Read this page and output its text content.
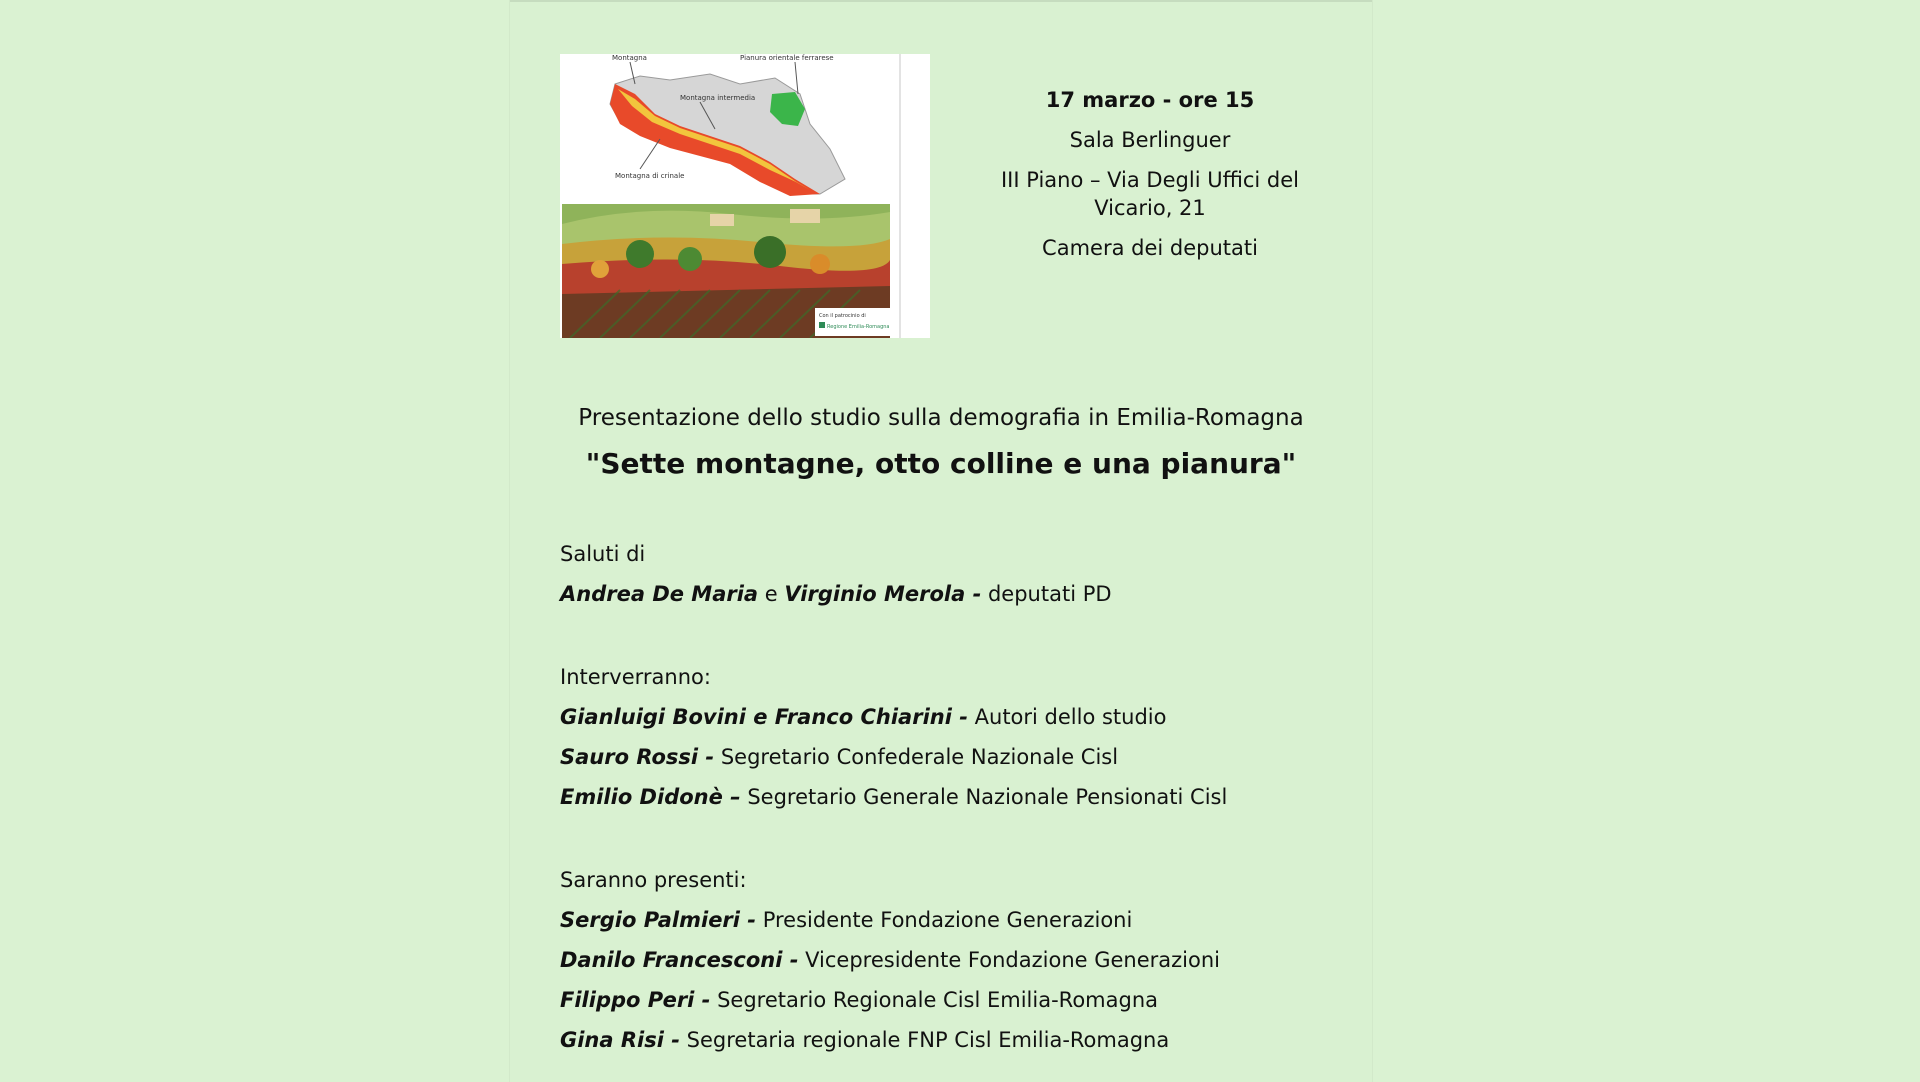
Montagna	Pianura orientale ferrarese
Montagna intermedia
Montagna di crinale
Con il patrocinio di
Regione Emilia-Romagna

17 marzo - ore 15

Sala Berlinguer

III Piano – Via Degli Uffici del Vicario, 21

Camera dei deputati

Presentazione dello studio sulla demografia in Emilia-Romagna

"Sette montagne, otto colline e una pianura"

Saluti di

Andrea De Maria e Virginio Merola - deputati PD

Interverranno:

Gianluigi Bovini e Franco Chiarini - Autori dello studio

Sauro Rossi - Segretario Confederale Nazionale Cisl

Emilio Didonè – Segretario Generale Nazionale Pensionati Cisl

Saranno presenti:

Sergio Palmieri - Presidente Fondazione Generazioni

Danilo Francesconi - Vicepresidente Fondazione Generazioni

Filippo Peri - Segretario Regionale Cisl Emilia-Romagna

Gina Risi - Segretaria regionale FNP Cisl Emilia-Romagna
